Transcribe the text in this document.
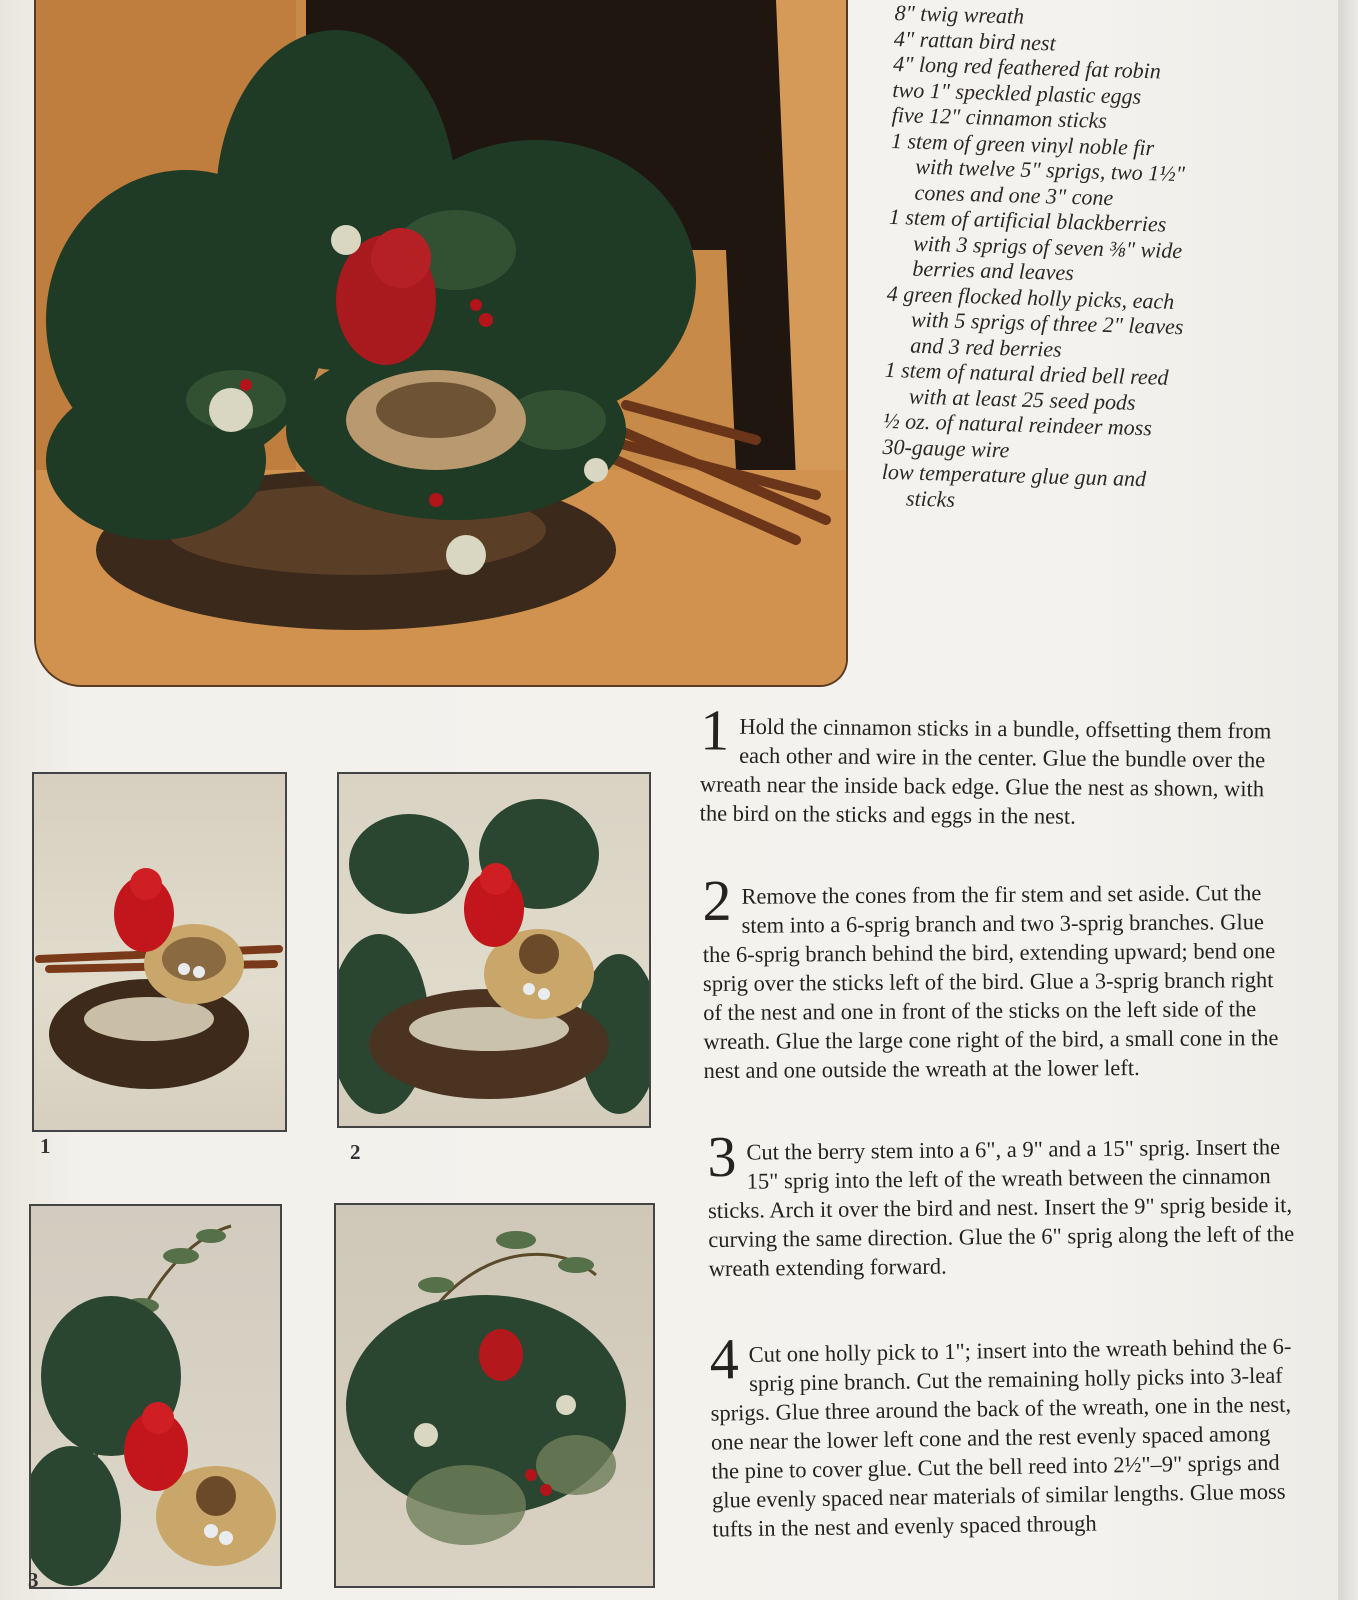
8" twig wreath
4" rattan bird nest
4" long red feathered fat robin
two 1" speckled plastic eggs
five 12" cinnamon sticks
1 stem of green vinyl noble fir
with twelve 5" sprigs, two 1½"
cones and one 3" cone
1 stem of artificial blackberries
with 3 sprigs of seven ⅜" wide
berries and leaves
4 green flocked holly picks, each
with 5 sprigs of three 2" leaves
and 3 red berries
1 stem of natural dried bell reed
with at least 25 seed pods
½ oz. of natural reindeer moss
30-gauge wire
low temperature glue gun and
sticks
1	2
3
1 Hold the cinnamon sticks in a bundle, offsetting them from each other and wire in the center. Glue the bundle over the wreath near the inside back edge. Glue the nest as shown, with the bird on the sticks and eggs in the nest.
2 Remove the cones from the fir stem and set aside. Cut the stem into a 6-sprig branch and two 3-sprig branches. Glue the 6-sprig branch behind the bird, extending upward; bend one sprig over the sticks left of the bird. Glue a 3-sprig branch right of the nest and one in front of the sticks on the left side of the wreath. Glue the large cone right of the bird, a small cone in the nest and one outside the wreath at the lower left.
3 Cut the berry stem into a 6", a 9" and a 15" sprig. Insert the 15" sprig into the left of the wreath between the cinnamon sticks. Arch it over the bird and nest. Insert the 9" sprig beside it, curving the same direction. Glue the 6" sprig along the left of the wreath extending forward.
4 Cut one holly pick to 1"; insert into the wreath behind the 6-sprig pine branch. Cut the remaining holly picks into 3-leaf sprigs. Glue three around the back of the wreath, one in the nest, one near the lower left cone and the rest evenly spaced among the pine to cover glue. Cut the bell reed into 2½"–9" sprigs and glue evenly spaced near materials of similar lengths. Glue moss tufts in the nest and evenly spaced through
